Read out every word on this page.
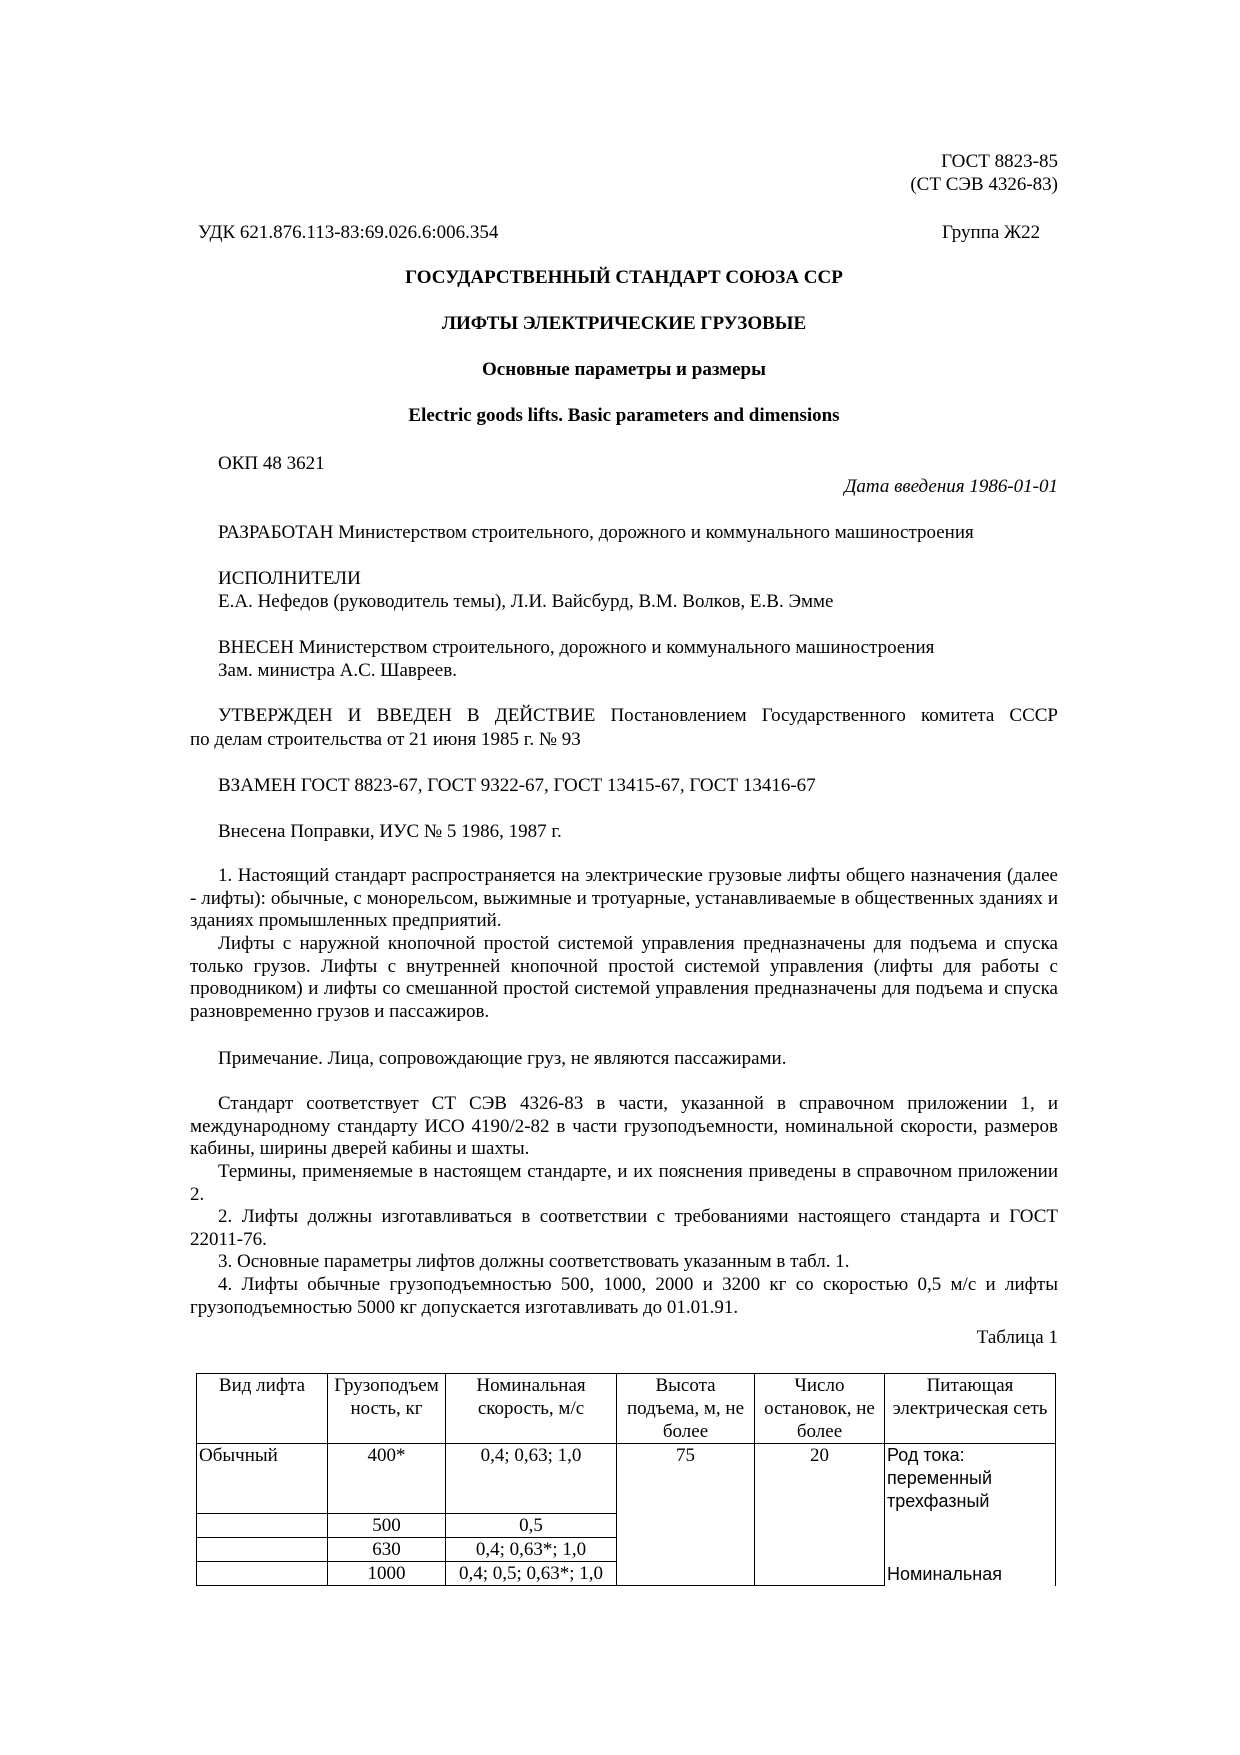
ГОСТ 8823-85
(СТ СЭВ 4326-83)
УДК 621.876.113-83:69.026.6:006.354	Группа Ж22
ГОСУДАРСТВЕННЫЙ СТАНДАРТ СОЮЗА ССР
ЛИФТЫ ЭЛЕКТРИЧЕСКИЕ ГРУЗОВЫЕ
Основные параметры и размеры
Electric goods lifts. Basic parameters and dimensions
ОКП 48 3621
Дата введения 1986-01-01
РАЗРАБОТАН Министерством строительного, дорожного и коммунального машиностроения
ИСПОЛНИТЕЛИ
Е.А. Нефедов (руководитель темы), Л.И. Вайсбурд, В.М. Волков, Е.В. Эмме
ВНЕСЕН Министерством строительного, дорожного и коммунального машиностроения
Зам. министра А.С. Шавреев.
УТВЕРЖДЕН И ВВЕДЕН В ДЕЙСТВИЕ Постановлением Государственного комитета СССР
по делам строительства от 21 июня 1985 г. № 93
ВЗАМЕН ГОСТ 8823-67, ГОСТ 9322-67, ГОСТ 13415-67, ГОСТ 13416-67
Внесена Поправки, ИУС № 5 1986, 1987 г.
1. Настоящий стандарт распространяется на электрические грузовые лифты общего назначения (далее - лифты): обычные, с монорельсом, выжимные и тротуарные, устанавливаемые в общественных зданиях и зданиях промышленных предприятий.
Лифты с наружной кнопочной простой системой управления предназначены для подъема и спуска только грузов. Лифты с внутренней кнопочной простой системой управления (лифты для работы с проводником) и лифты со смешанной простой системой управления предназначены для подъема и спуска разновременно грузов и пассажиров.
Примечание. Лица, сопровождающие груз, не являются пассажирами.
Стандарт соответствует СТ СЭВ 4326-83 в части, указанной в справочном приложении 1, и международному стандарту ИСО 4190/2-82 в части грузоподъемности, номинальной скорости, размеров кабины, ширины дверей кабины и шахты.
Термины, применяемые в настоящем стандарте, и их пояснения приведены в справочном приложении 2.
2. Лифты должны изготавливаться в соответствии с требованиями настоящего стандарта и ГОСТ 22011-76.
3. Основные параметры лифтов должны соответствовать указанным в табл. 1.
4. Лифты обычные грузоподъемностью 500, 1000, 2000 и 3200 кг со скоростью 0,5 м/с и лифты грузоподъемностью 5000 кг допускается изготавливать до 01.01.91.
Таблица 1
Вид лифта	Грузоподъем ность, кг	Номинальная скорость, м/с	Высота подъема, м, не более	Число остановок, не более	Питающая электрическая сеть
Обычный	400*	0,4; 0,63; 1,0	75	20	Род тока:
переменный
трехфазный

	500	0,5			Номинальная

	630	0,4; 0,63*; 1,0			
	1000	0,4; 0,5; 0,63*; 1,0			
